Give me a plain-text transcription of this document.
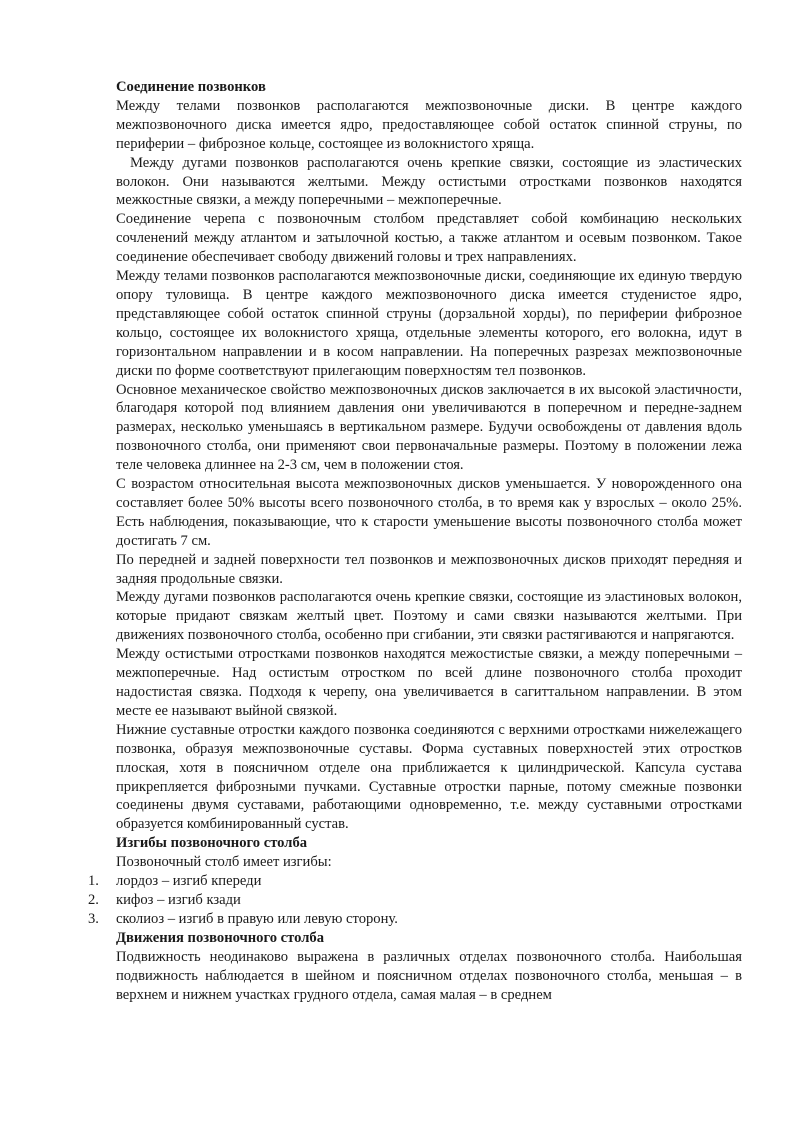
Соединение позвонков

Между телами позвонков располагаются межпозвоночные диски. В центре каждого межпозвоночного диска имеется ядро, предоставляющее собой остаток спинной струны, по периферии – фиброзное кольце, состоящее из волокнистого хряща.

Между дугами позвонков располагаются очень крепкие связки, состоящие из эластических волокон. Они называются желтыми. Между остистыми отростками позвонков находятся межкостные связки, а между поперечными – межпоперечные.

Соединение черепа с позвоночным столбом представляет собой комбинацию нескольких сочленений между атлантом и затылочной костью, а также атлантом и осевым позвонком. Такое соединение обеспечивает свободу движений головы и трех направлениях.

Между телами позвонков располагаются межпозвоночные диски, соединяющие их единую твердую опору туловища. В центре каждого межпозвоночного диска имеется студенистое ядро, представляющее собой остаток спинной струны (дорзальной хорды), по периферии фиброзное кольцо, состоящее их волокнистого хряща, отдельные элементы которого, его волокна, идут в горизонтальном направлении и в косом направлении. На поперечных разрезах межпозвоночные диски по форме соответствуют прилегающим поверхностям тел позвонков.

Основное механическое свойство межпозвоночных дисков заключается в их высокой эластичности, благодаря которой под влиянием давления они увеличиваются в поперечном и передне-заднем размерах, несколько уменьшаясь в вертикальном размере. Будучи освобождены от давления вдоль позвоночного столба, они применяют свои первоначальные размеры. Поэтому в положении лежа теле человека длиннее на 2-3 см, чем в положении стоя.

С возрастом относительная высота межпозвоночных дисков уменьшается. У новорожденного она составляет более 50% высоты всего позвоночного столба, в то время как у взрослых – около 25%. Есть наблюдения, показывающие, что к старости уменьшение высоты позвоночного столба может достигать 7 см.

По передней и задней поверхности тел позвонков и межпозвоночных дисков приходят передняя и задняя продольные связки.

Между дугами позвонков располагаются очень крепкие связки, состоящие из эластиновых волокон, которые придают связкам желтый цвет. Поэтому и сами связки называются желтыми. При движениях позвоночного столба, особенно при сгибании, эти связки растягиваются и напрягаются.

Между остистыми отростками позвонков находятся межостистые связки, а между поперечными – межпоперечные. Над остистым отростком по всей длине позвоночного столба проходит надостистая связка. Подходя к черепу, она увеличивается в сагиттальном направлении. В этом месте ее называют выйной связкой.

Нижние суставные отростки каждого позвонка соединяются с верхними отростками нижележащего позвонка, образуя межпозвоночные суставы. Форма суставных поверхностей этих отростков плоская, хотя в поясничном отделе она приближается к цилиндрической. Капсула сустава прикрепляется фиброзными пучками. Суставные отростки парные, потому смежные позвонки соединены двумя суставами, работающими одновременно, т.е. между суставными отростками образуется комбинированный сустав.

Изгибы позвоночного столба

Позвоночный столб имеет изгибы:

1.	лордоз – изгиб кпереди
2.	кифоз – изгиб кзади
3.	сколиоз – изгиб в правую или левую сторону.

Движения позвоночного столба

Подвижность неодинаково выражена в различных отделах позвоночного столба. Наибольшая подвижность наблюдается в шейном и поясничном отделах позвоночного столба, меньшая – в верхнем и нижнем участках грудного отдела, самая малая – в среднем
